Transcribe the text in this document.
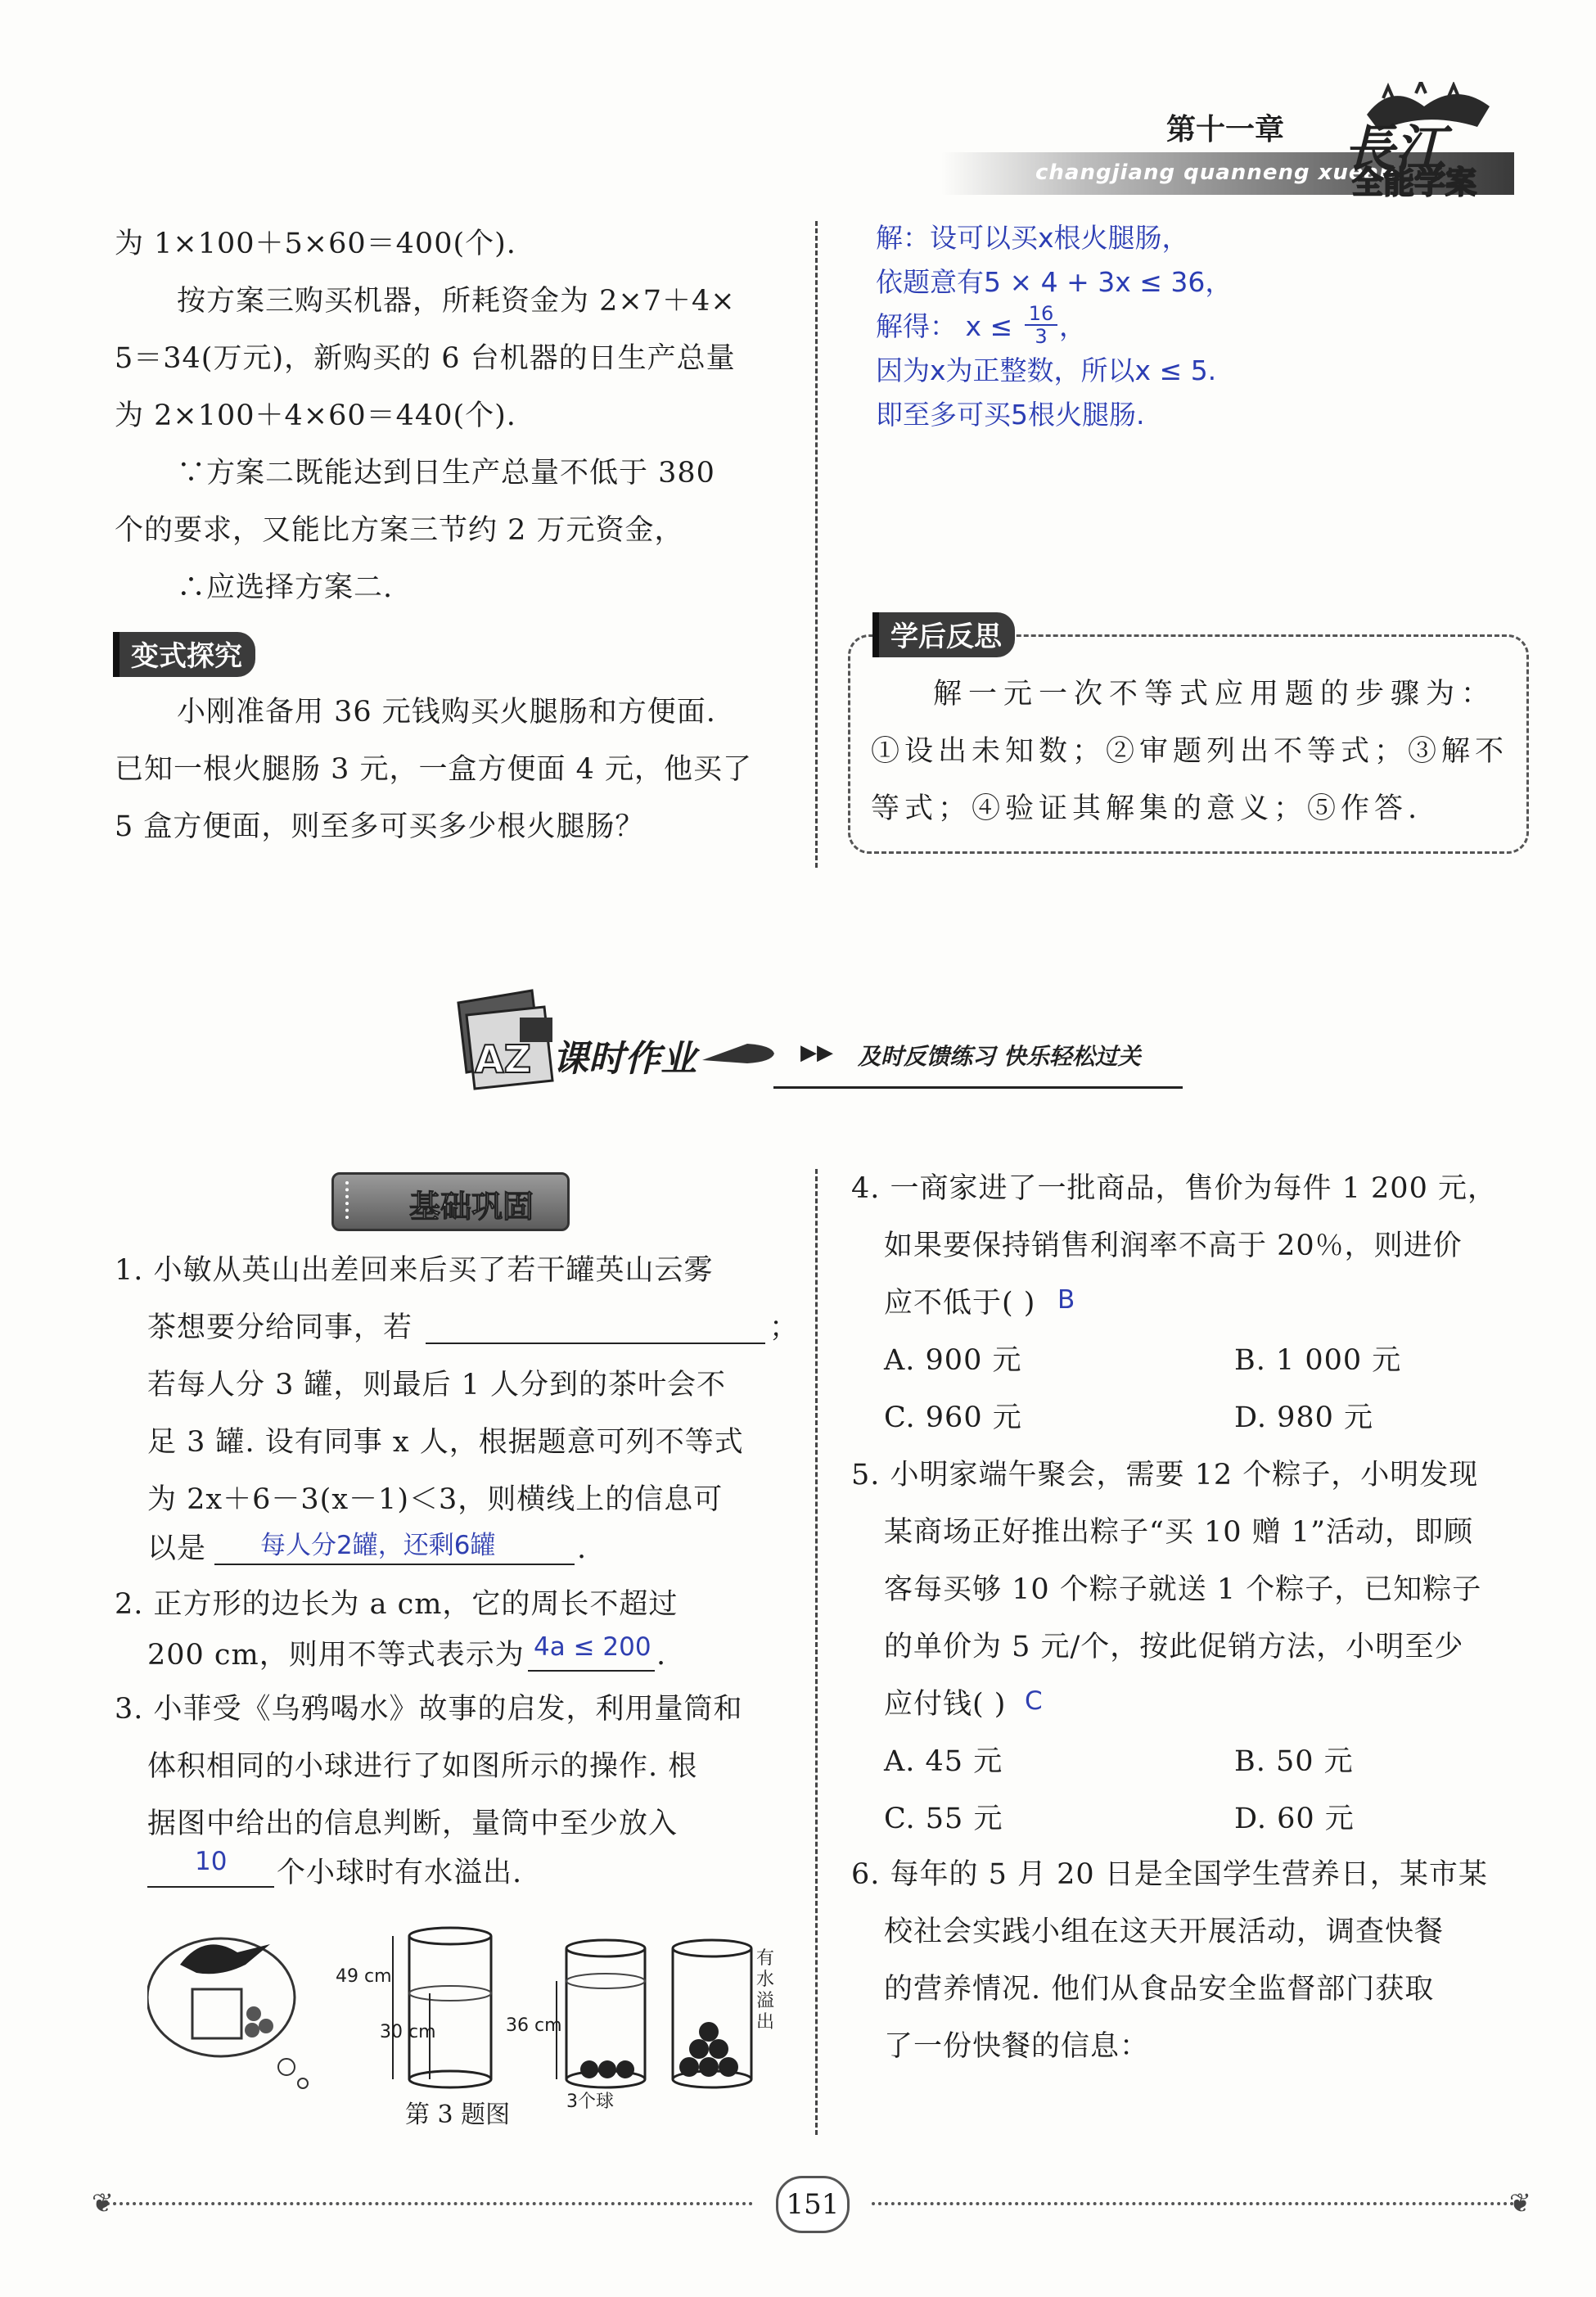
第十一章
changjiang quanneng xuean
長江
全能学案
为 1×100＋5×60＝400(个).
按方案三购买机器，所耗资金为 2×7＋4×
5＝34(万元)，新购买的 6 台机器的日生产总量
为 2×100＋4×60＝440(个).
∵方案二既能达到日生产总量不低于 380
个的要求，又能比方案三节约 2 万元资金，
∴应选择方案二.
变式探究
小刚准备用 36 元钱购买火腿肠和方便面.
已知一根火腿肠 3 元，一盒方便面 4 元，他买了
5 盒方便面，则至多可买多少根火腿肠？
解：设可以买x根火腿肠，
依题意有5 × 4 + 3x ≤ 36，
解得： $x \le \frac{16}{3}$ ，
因为x为正整数，所以x ≤ 5.
即至多可买5根火腿肠.
学后反思
解一元一次不等式应用题的步骤为：
①设出未知数；②审题列出不等式；③解不
等式；④验证其解集的意义；⑤作答.
AZ 课时作业	▶▶ 及时反馈练习 快乐轻松过关
基础巩固
1. 小敏从英山出差回来后买了若干罐英山云雾
茶想要分给同事，若	；
若每人分 3 罐，则最后 1 人分到的茶叶会不
足 3 罐. 设有同事 x 人，根据题意可列不等式
为 2x＋6－3(x－1)＜3，则横线上的信息可
以是 每人分2罐，还剩6罐	.
2. 正方形的边长为 a cm，它的周长不超过
200 cm，则用不等式表示为 4a ≤ 200 .
3. 小菲受《乌鸦喝水》故事的启发，利用量筒和
体积相同的小球进行了如图所示的操作. 根
据图中给出的信息判断，量筒中至少放入
10 个小球时有水溢出.
49 cm
30 cm	36 cm
3个球
有水溢出
第 3 题图
4. 一商家进了一批商品，售价为每件 1 200 元，
如果要保持销售利润率不高于 20％，则进价
应不低于( ) B
A. 900 元	B. 1 000 元
C. 960 元	D. 980 元
5. 小明家端午聚会，需要 12 个粽子，小明发现
某商场正好推出粽子“买 10 赠 1”活动，即顾
客每买够 10 个粽子就送 1 个粽子，已知粽子
的单价为 5 元/个，按此促销方法，小明至少
应付钱( ) C
A. 45 元	B. 50 元
C. 55 元	D. 60 元
6. 每年的 5 月 20 日是全国学生营养日，某市某
校社会实践小组在这天开展活动，调查快餐
的营养情况. 他们从食品安全监督部门获取
了一份快餐的信息：
❦	❦
151
